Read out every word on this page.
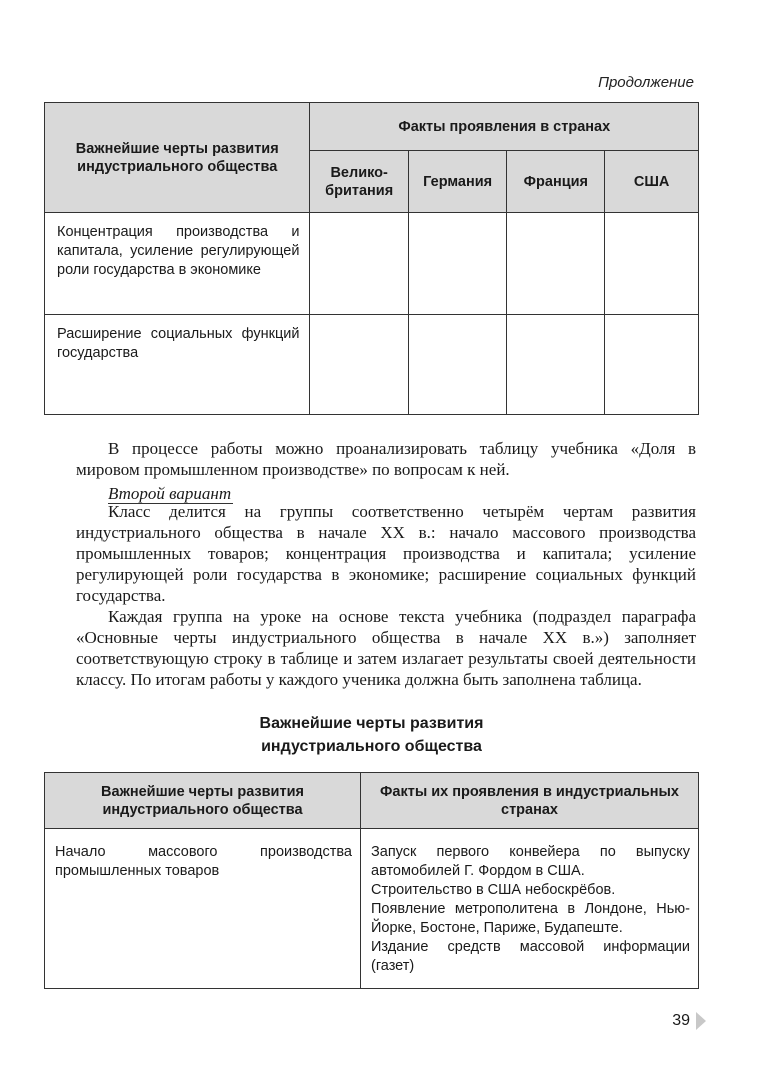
Продолжение
Важнейшие черты развития индустриального общества	Факты проявления в странах			
	Велико-британия	Германия	Франция	США
Концентрация производства и капитала, усиление регулирующей роли государства в экономике				
Расширение социальных функций государства				
В процессе работы можно проанализировать таблицу учебника «Доля в мировом промышленном производстве» по вопросам к ней.
Второй вариант
Класс делится на группы соответственно четырём чертам развития индустриального общества в начале XX в.: начало массового производства промышленных товаров; концентрация производства и капитала; усиление регулирующей роли государства в экономике; расширение социальных функций государства.
Каждая группа на уроке на основе текста учебника (подраздел параграфа «Основные черты индустриального общества в начале XX в.») заполняет соответствующую строку в таблице и затем излагает результаты своей деятельности классу. По итогам работы у каждого ученика должна быть заполнена таблица.
Важнейшие черты развития
индустриального общества
Важнейшие черты развития индустриального общества	Факты их проявления в индустриальных странах
Начало массового производства промышленных товаров	Запуск первого конвейера по выпуску автомобилей Г. Фордом в США.
Строительство в США небоскрёбов.
Появление метрополитена в Лондоне, Нью-Йорке, Бостоне, Париже, Будапеште.
Издание средств массовой информации (газет)
39
